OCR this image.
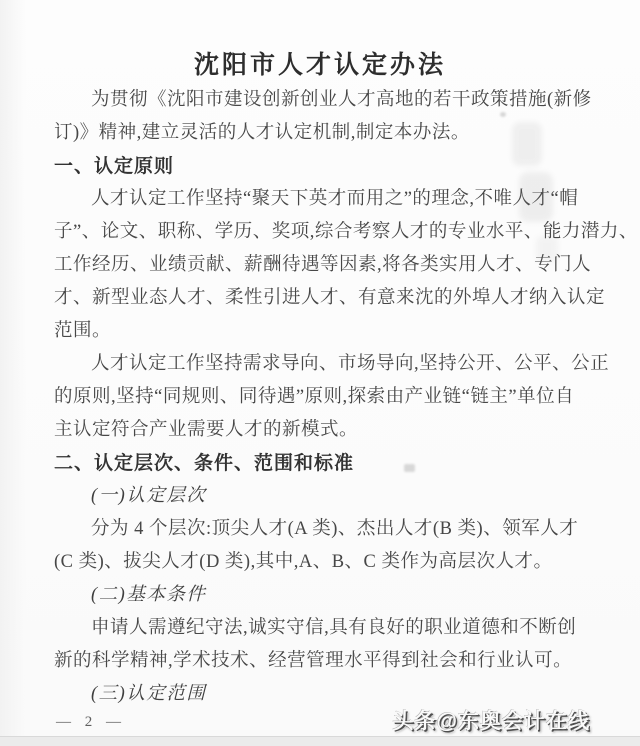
沈阳市人才认定办法
为贯彻《沈阳市建设创新创业人才高地的若干政策措施(新修
订)》精神,建立灵活的人才认定机制,制定本办法。
一、认定原则
人才认定工作坚持“聚天下英才而用之”的理念,不唯人才“帽
子”、论文、职称、学历、奖项,综合考察人才的专业水平、能力潜力、
工作经历、业绩贡献、薪酬待遇等因素,将各类实用人才、专门人
才、新型业态人才、柔性引进人才、有意来沈的外埠人才纳入认定
范围。
人才认定工作坚持需求导向、市场导向,坚持公开、公平、公正
的原则,坚持“同规则、同待遇”原则,探索由产业链“链主”单位自
主认定符合产业需要人才的新模式。
二、认定层次、条件、范围和标准
(一)认定层次
分为 4 个层次:顶尖人才(A 类)、杰出人才(B 类)、领军人才
(C 类)、拔尖人才(D 类),其中,A、B、C 类作为高层次人才。
(二)基本条件
申请人需遵纪守法,诚实守信,具有良好的职业道德和不断创
新的科学精神,学术技术、经营管理水平得到社会和行业认可。
(三)认定范围
— 2 —	头条@东奥会计在线
